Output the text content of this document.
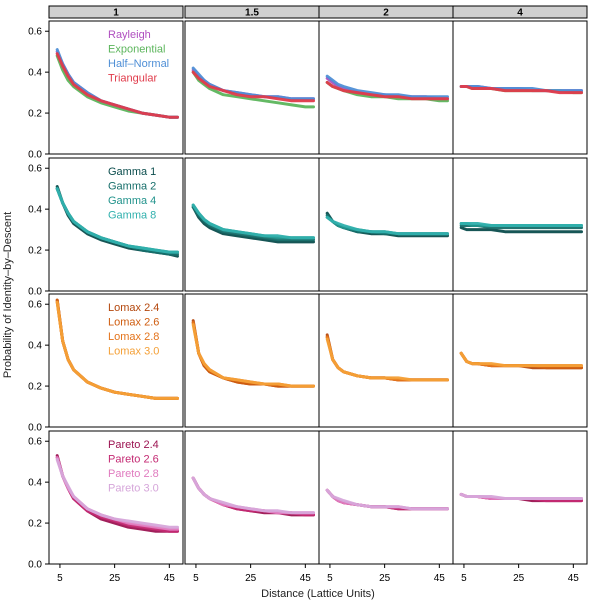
1	1.5	2	4
0.0
0.2
0.4
0.6	Rayleigh
Exponential
Half–Normal
Triangular
0.0
0.2
0.4
0.6	Gamma 1
Gamma 2
Gamma 4
Gamma 8
0.0
0.2
0.4
0.6	Lomax 2.4
Lomax 2.6
Lomax 2.8
Lomax 3.0
0.0
0.2
0.4
0.6	Pareto 2.4
Pareto 2.6
Pareto 2.8
Pareto 3.0
5	25	45 5	25	45 5	25	45 5	25	45
Probability of Identity–by–Descent
Distance (Lattice Units)
